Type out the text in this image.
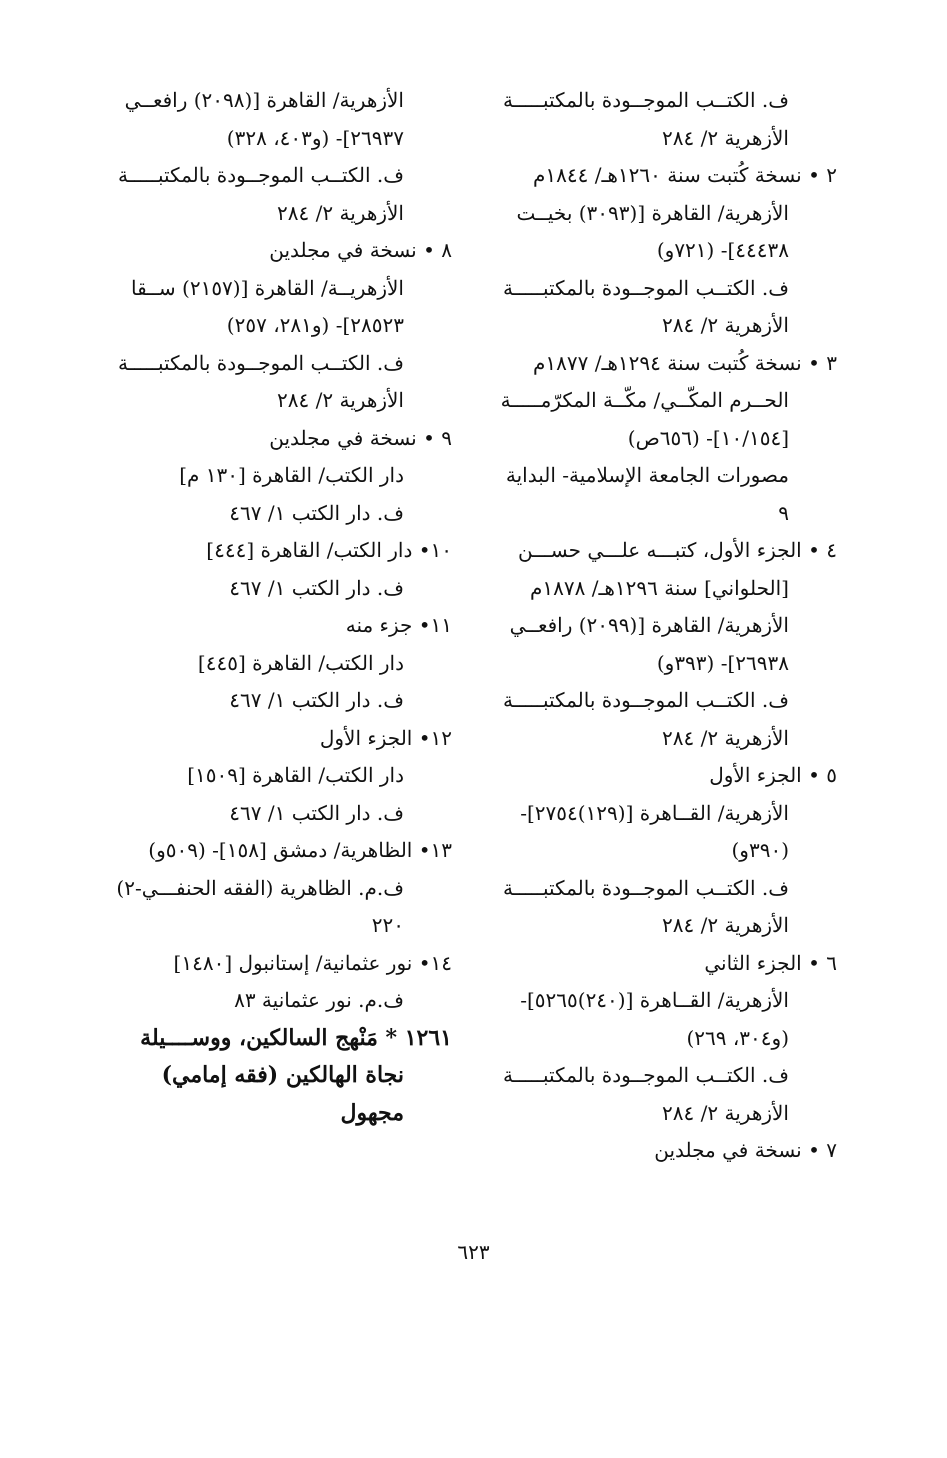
ف. الكتــب الموجــودة بالمكتبـــــة
الأزهرية ٢/ ٢٨٤
٢ • نسخة كُتبت سنة ١٢٦٠هـ/ ١٨٤٤م
الأزهرية/ القاهرة [(٣٠٩٣) بخيــت
٤٤٤٣٨]- (٧٢١و)
ف. الكتــب الموجــودة بالمكتبـــــة
الأزهرية ٢/ ٢٨٤
٣ • نسخة كُتبت سنة ١٢٩٤هـ/ ١٨٧٧م
الحــرم المكّــي/ مكّــة المكرّمـــــة
[١٠/١٥٤]- (٦٥٦ص)
مصورات الجامعة الإسلامية- البداية
٩
٤ • الجزء الأول، كتبـــه علـــي حســـن
[الحلواني] سنة ١٢٩٦هـ/ ١٨٧٨م
الأزهرية/ القاهرة [(٢٠٩٩) رافعــي
٢٦٩٣٨]- (٣٩٣و)
ف. الكتــب الموجــودة بالمكتبـــــة
الأزهرية ٢/ ٢٨٤
٥ • الجزء الأول
الأزهرية/ القــاهرة [(١٢٩)٢٧٥٤]-
(٣٩٠و)
ف. الكتــب الموجــودة بالمكتبـــــة
الأزهرية ٢/ ٢٨٤
٦ • الجزء الثاني
الأزهرية/ القــاهرة [(٢٤٠)٥٢٦٥]-
(و٣٠٤، ٢٦٩)
ف. الكتــب الموجــودة بالمكتبـــــة
الأزهرية ٢/ ٢٨٤
٧ • نسخة في مجلدين
الأزهرية/ القاهرة [(٢٠٩٨) رافعــي
٢٦٩٣٧]- (و٤٠٣، ٣٢٨)
ف. الكتــب الموجــودة بالمكتبـــــة
الأزهرية ٢/ ٢٨٤
٨ • نسخة في مجلدين
الأزهريــة/ القاهرة [(٢١٥٧) ســقا
٢٨٥٢٣]- (و٢٨١، ٢٥٧)
ف. الكتــب الموجــودة بالمكتبـــــة
الأزهرية ٢/ ٢٨٤
٩ • نسخة في مجلدين
دار الكتب/ القاهرة [١٣٠ م]
ف. دار الكتب ١/ ٤٦٧
١٠• دار الكتب/ القاهرة [٤٤٤]
ف. دار الكتب ١/ ٤٦٧
١١• جزء منه
دار الكتب/ القاهرة [٤٤٥]
ف. دار الكتب ١/ ٤٦٧
١٢• الجزء الأول
دار الكتب/ القاهرة [١٥٠٩]
ف. دار الكتب ١/ ٤٦٧
١٣• الظاهرية/ دمشق [١٥٨]- (٥٠٩و)
ف.م. الظاهرية (الفقه الحنفـــي-٢)
٢٢٠
١٤• نور عثمانية/ إستانبول [١٤٨٠]
ف.م. نور عثمانية ٨٣
١٢٦١ * مَنْهج السالكين، ووســــيلة
نجاة الهالكين (فقه إمامي)
مجهول
٦٢٣
